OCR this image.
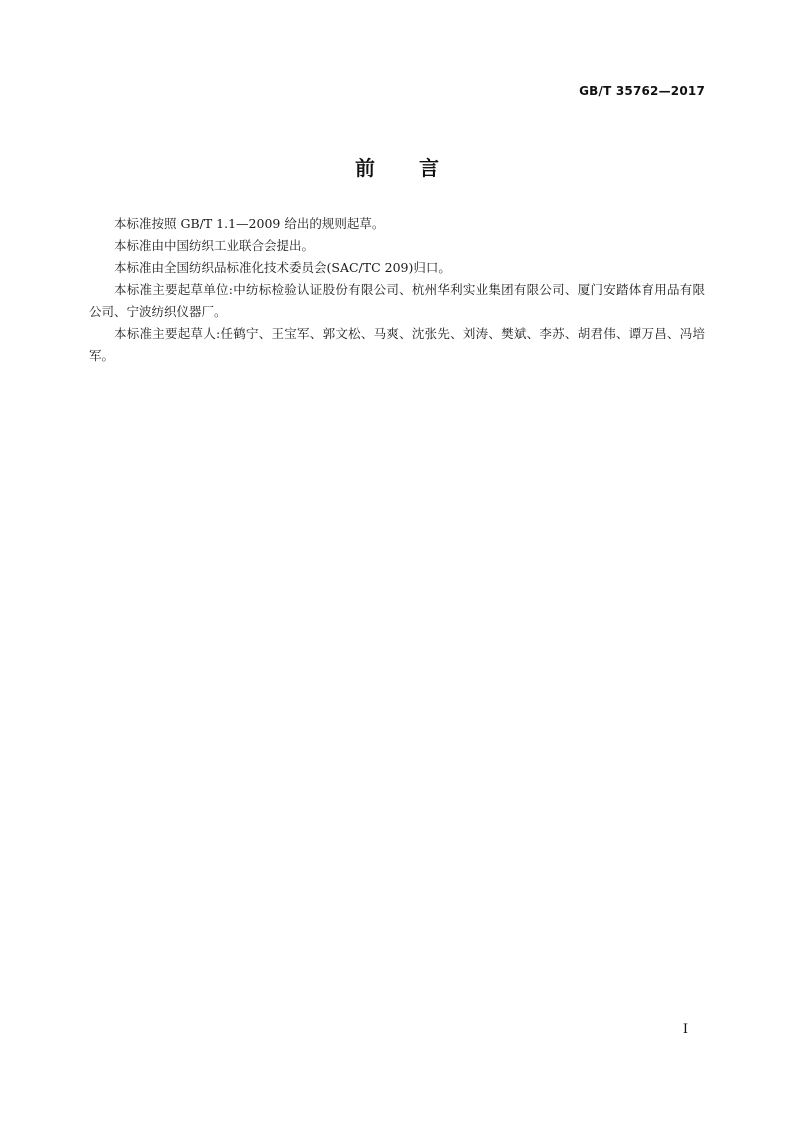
GB/T 35762—2017
前 言

本标准按照 GB/T 1.1—2009 给出的规则起草。

本标准由中国纺织工业联合会提出。

本标准由全国纺织品标准化技术委员会(SAC/TC 209)归口。

本标准主要起草单位:中纺标检验认证股份有限公司、杭州华利实业集团有限公司、厦门安踏体育用品有限公司、宁波纺织仪器厂。

本标准主要起草人:任鹤宁、王宝军、郭文松、马爽、沈张先、刘涛、樊斌、李苏、胡君伟、谭万昌、冯培军。

I
